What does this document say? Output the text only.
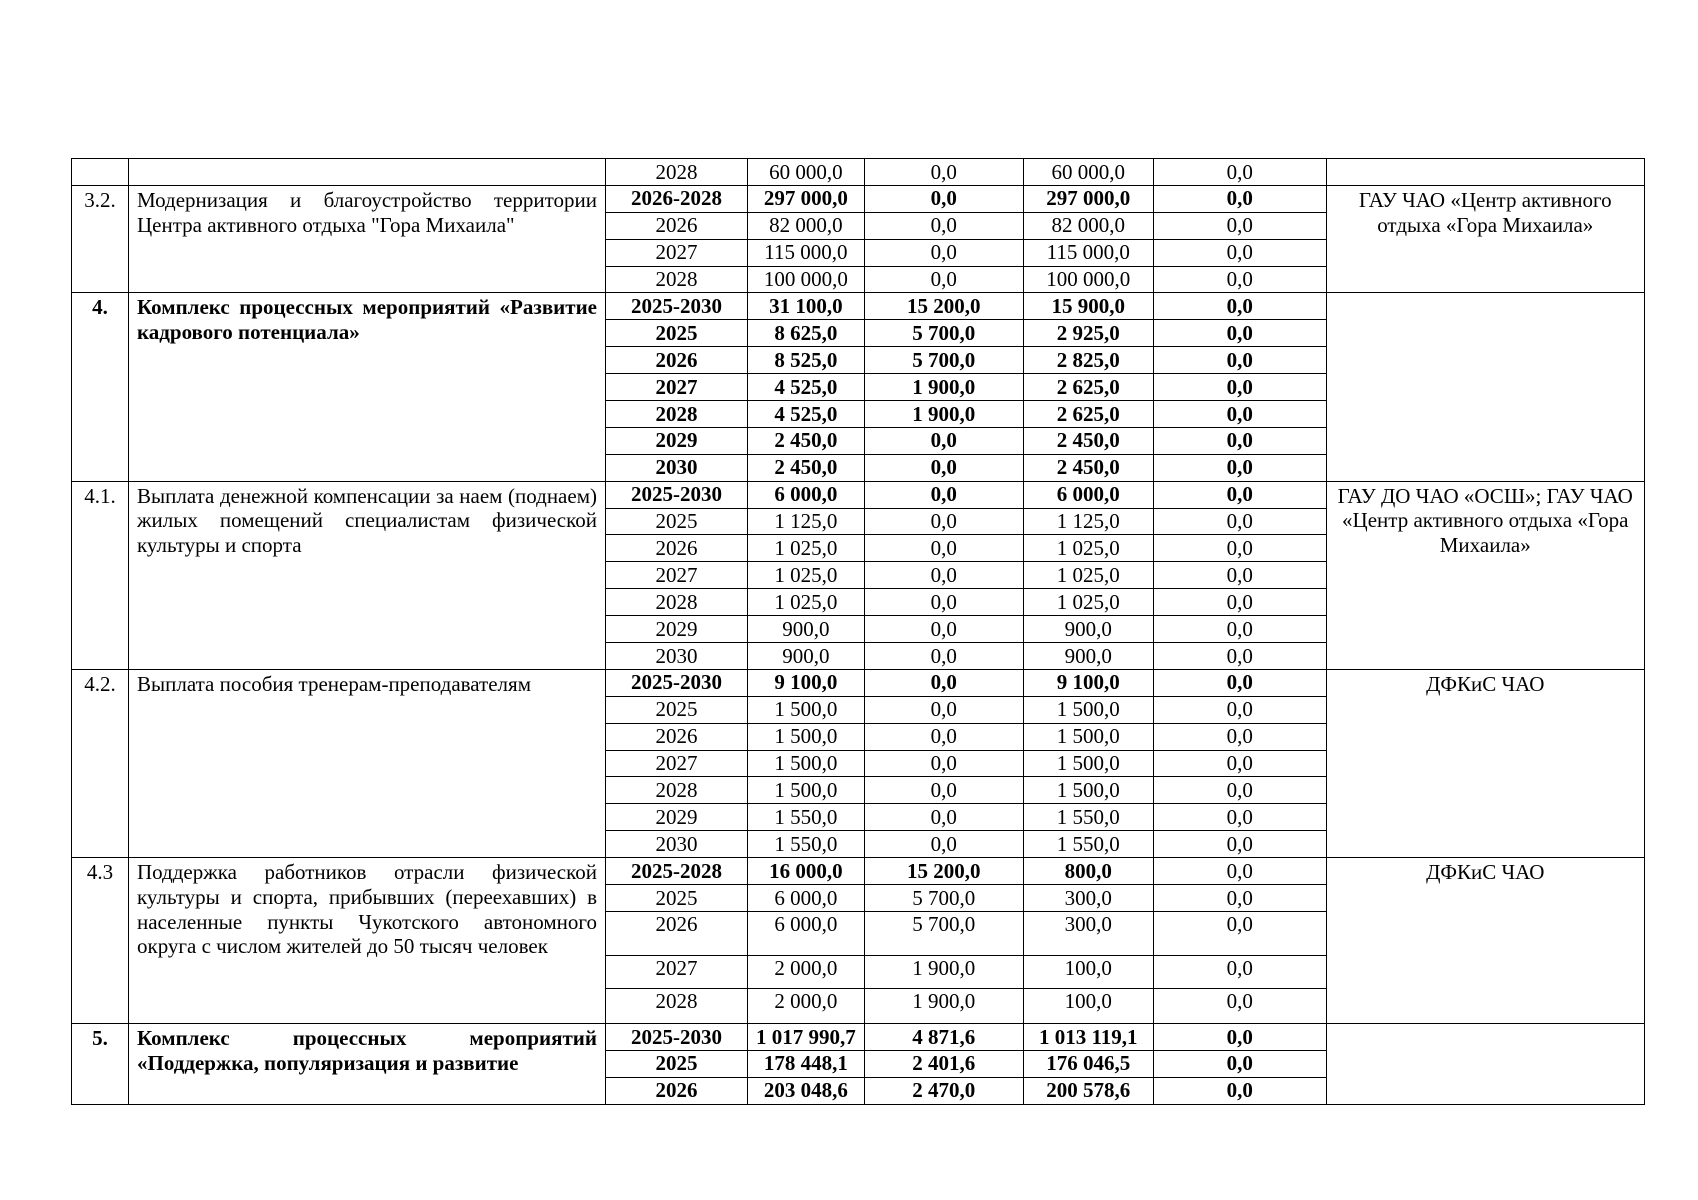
		2028	60 000,0	0,0	60 000,0	0,0	
3.2.	Модернизация и благоустройство территории Центра активного отдыха "Гора Михаила"	2026-2028	297 000,0	0,0	297 000,0	0,0	ГАУ ЧАО «Центр активного отдыха «Гора Михаила»
		2026	82 000,0	0,0	82 000,0	0,0	
		2027	115 000,0	0,0	115 000,0	0,0	
		2028	100 000,0	0,0	100 000,0	0,0	
4.	Комплекс процессных мероприятий «Развитие кадрового потенциала»	2025-2030	31 100,0	15 200,0	15 900,0	0,0	
		2025	8 625,0	5 700,0	2 925,0	0,0	
		2026	8 525,0	5 700,0	2 825,0	0,0	
		2027	4 525,0	1 900,0	2 625,0	0,0	
		2028	4 525,0	1 900,0	2 625,0	0,0	
		2029	2 450,0	0,0	2 450,0	0,0	
		2030	2 450,0	0,0	2 450,0	0,0	
4.1.	Выплата денежной компенсации за наем (поднаем) жилых помещений специалистам физической культуры и спорта	2025-2030	6 000,0	0,0	6 000,0	0,0	ГАУ ДО ЧАО «ОСШ»; ГАУ ЧАО «Центр активного отдыха «Гора Михаила»
		2025	1 125,0	0,0	1 125,0	0,0	
		2026	1 025,0	0,0	1 025,0	0,0	
		2027	1 025,0	0,0	1 025,0	0,0	
		2028	1 025,0	0,0	1 025,0	0,0	
		2029	900,0	0,0	900,0	0,0	
		2030	900,0	0,0	900,0	0,0	
4.2.	Выплата пособия тренерам-преподавателям	2025-2030	9 100,0	0,0	9 100,0	0,0	ДФКиС ЧАО
		2025	1 500,0	0,0	1 500,0	0,0	
		2026	1 500,0	0,0	1 500,0	0,0	
		2027	1 500,0	0,0	1 500,0	0,0	
		2028	1 500,0	0,0	1 500,0	0,0	
		2029	1 550,0	0,0	1 550,0	0,0	
		2030	1 550,0	0,0	1 550,0	0,0	
4.3	Поддержка работников отрасли физической культуры и спорта, прибывших (переехавших) в населенные пункты Чукотского автономного округа с числом жителей до 50 тысяч человек	2025-2028	16 000,0	15 200,0	800,0	0,0	ДФКиС ЧАО
		2025	6 000,0	5 700,0	300,0	0,0	
		2026	6 000,0	5 700,0	300,0	0,0	
		2027	2 000,0	1 900,0	100,0	0,0	
		2028	2 000,0	1 900,0	100,0	0,0	
5.	Комплекс процессных мероприятий «Поддержка, популяризация и развитие	2025-2030	1 017 990,7	4 871,6	1 013 119,1	0,0	
		2025	178 448,1	2 401,6	176 046,5	0,0	
		2026	203 048,6	2 470,0	200 578,6	0,0	
